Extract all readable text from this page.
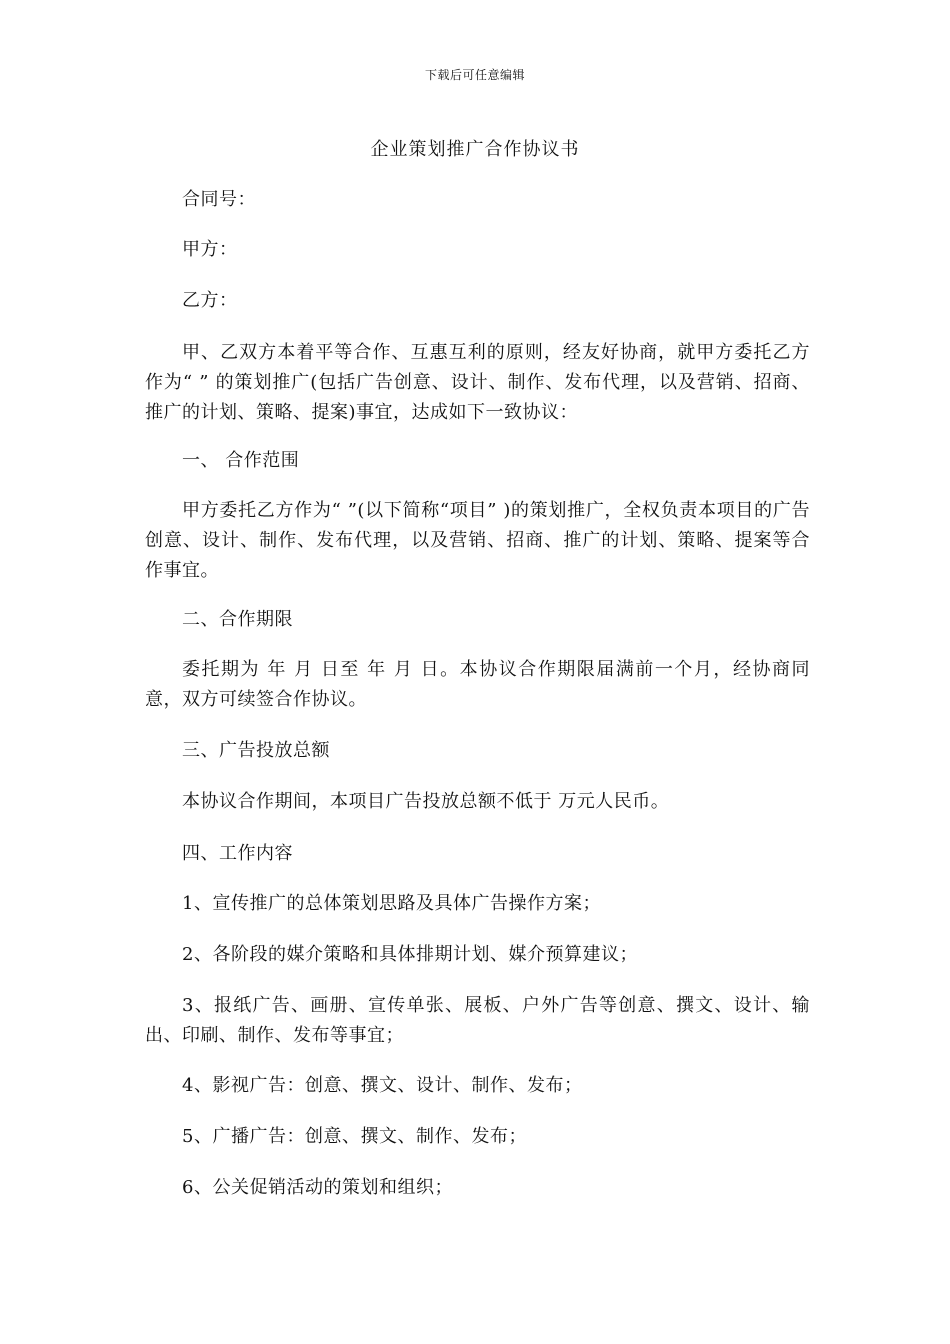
下载后可任意编辑
企业策划推广合作协议书

合同号：

甲方：

乙方：

甲、乙双方本着平等合作、互惠互利的原则，经友好协商，就甲方委托乙方作为“ ” 的策划推广(包括广告创意、设计、制作、发布代理，以及营销、招商、推广的计划、策略、提案)事宜，达成如下一致协议：

一、 合作范围

甲方委托乙方作为“ ”(以下简称“项目” )的策划推广，全权负责本项目的广告创意、设计、制作、发布代理，以及营销、招商、推广的计划、策略、提案等合作事宜。

二、合作期限

委托期为 年 月 日至 年 月 日。本协议合作期限届满前一个月，经协商同意，双方可续签合作协议。

三、广告投放总额

本协议合作期间，本项目广告投放总额不低于 万元人民币。

四、工作内容

1、宣传推广的总体策划思路及具体广告操作方案；

2、各阶段的媒介策略和具体排期计划、媒介预算建议；

3、报纸广告、画册、宣传单张、展板、户外广告等创意、撰文、设计、输出、印刷、制作、发布等事宜；

4、影视广告：创意、撰文、设计、制作、发布；

5、广播广告：创意、撰文、制作、发布；

6、公关促销活动的策划和组织；
